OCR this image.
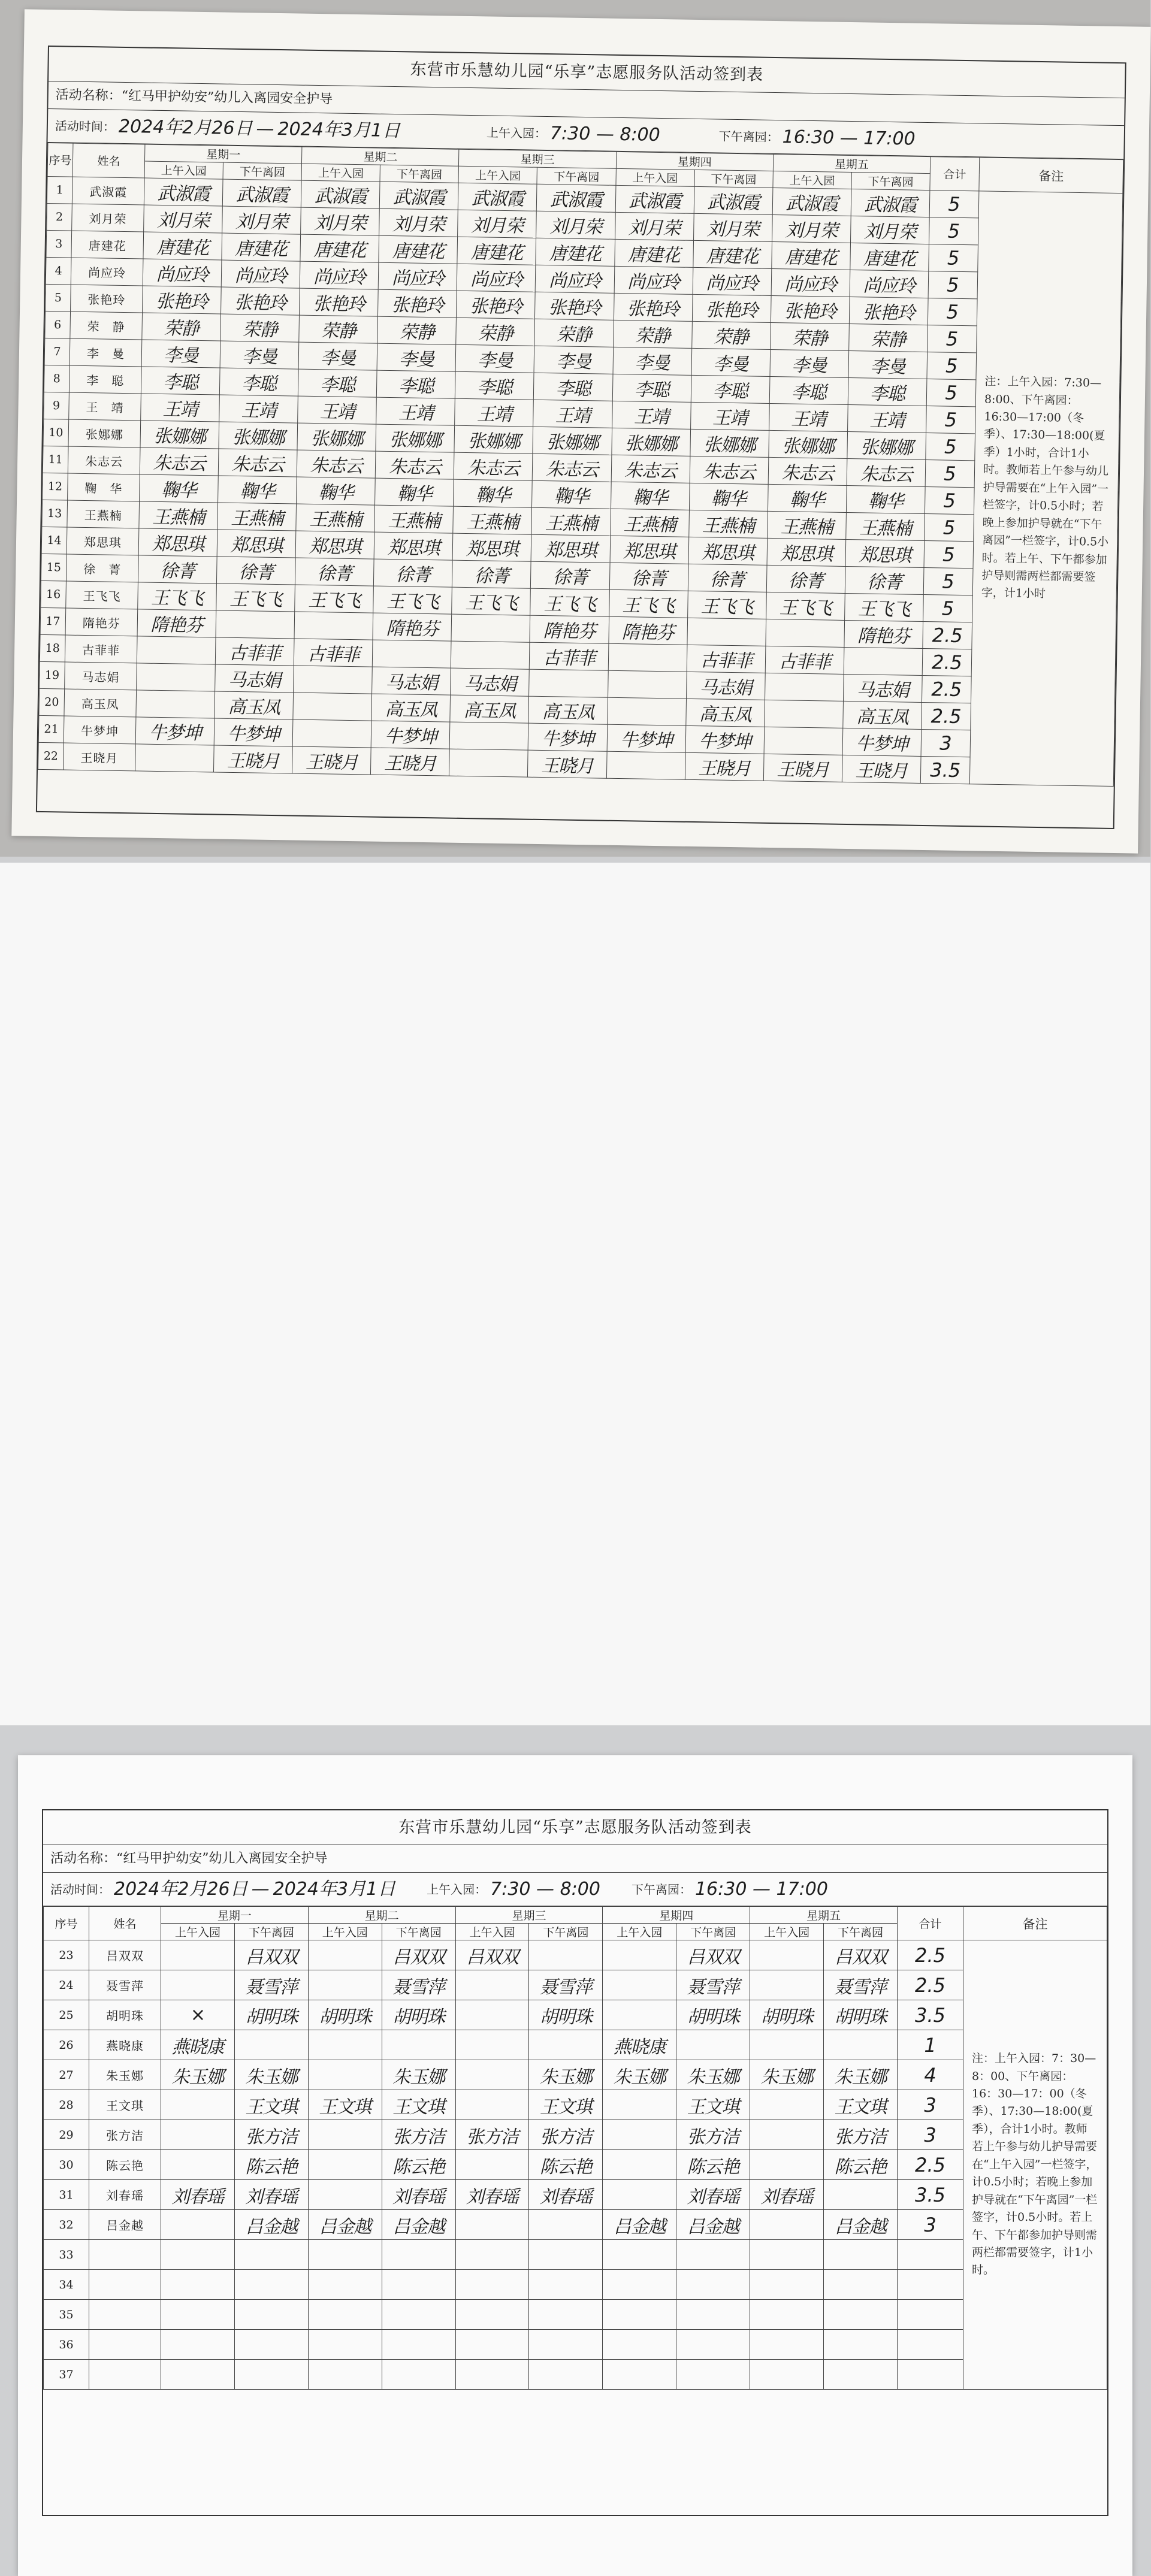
东营市乐慧幼儿园“乐享”志愿服务队活动签到表
活动名称： “红马甲护幼安”幼儿入离园安全护导
活动时间： 2024年2月26日 — 2024年3月1日	上午入园： 7:30 — 8:00	下午离园： 16:30 — 17:00
序号	姓名	星期一		星期二		星期三		星期四		星期五		合计	备注
		上午入园	下午离园	上午入园	下午离园	上午入园	下午离园	上午入园	下午离园	上午入园	下午离园		
1	武淑霞	武淑霞	武淑霞	武淑霞	武淑霞	武淑霞	武淑霞	武淑霞	武淑霞	武淑霞	武淑霞	5	注：上午入园：7:30—8:00、下午离园：16:30—17:00（冬季）、17:30—18:00(夏季）1小时，合计1小时。教师若上午参与幼儿护导需要在“上午入园”一栏签字，计0.5小时；若晚上参加护导就在“下午离园”一栏签字，计0.5小时。若上午、下午都参加护导则需两栏都需要签字，计1小时
2	刘月荣	刘月荣	刘月荣	刘月荣	刘月荣	刘月荣	刘月荣	刘月荣	刘月荣	刘月荣	刘月荣	5	
3	唐建花	唐建花	唐建花	唐建花	唐建花	唐建花	唐建花	唐建花	唐建花	唐建花	唐建花	5	
4	尚应玲	尚应玲	尚应玲	尚应玲	尚应玲	尚应玲	尚应玲	尚应玲	尚应玲	尚应玲	尚应玲	5	
5	张艳玲	张艳玲	张艳玲	张艳玲	张艳玲	张艳玲	张艳玲	张艳玲	张艳玲	张艳玲	张艳玲	5	
6	荣　静	荣静	荣静	荣静	荣静	荣静	荣静	荣静	荣静	荣静	荣静	5	
7	李　曼	李曼	李曼	李曼	李曼	李曼	李曼	李曼	李曼	李曼	李曼	5	
8	李　聪	李聪	李聪	李聪	李聪	李聪	李聪	李聪	李聪	李聪	李聪	5	
9	王　靖	王靖	王靖	王靖	王靖	王靖	王靖	王靖	王靖	王靖	王靖	5	
10	张娜娜	张娜娜	张娜娜	张娜娜	张娜娜	张娜娜	张娜娜	张娜娜	张娜娜	张娜娜	张娜娜	5	
11	朱志云	朱志云	朱志云	朱志云	朱志云	朱志云	朱志云	朱志云	朱志云	朱志云	朱志云	5	
12	鞠　华	鞠华	鞠华	鞠华	鞠华	鞠华	鞠华	鞠华	鞠华	鞠华	鞠华	5	
13	王燕楠	王燕楠	王燕楠	王燕楠	王燕楠	王燕楠	王燕楠	王燕楠	王燕楠	王燕楠	王燕楠	5	
14	郑思琪	郑思琪	郑思琪	郑思琪	郑思琪	郑思琪	郑思琪	郑思琪	郑思琪	郑思琪	郑思琪	5	
15	徐　菁	徐菁	徐菁	徐菁	徐菁	徐菁	徐菁	徐菁	徐菁	徐菁	徐菁	5	
16	王飞飞	王飞飞	王飞飞	王飞飞	王飞飞	王飞飞	王飞飞	王飞飞	王飞飞	王飞飞	王飞飞	5	
17	隋艳芬	隋艳芬			隋艳芬		隋艳芬	隋艳芬			隋艳芬	2.5	
18	古菲菲		古菲菲	古菲菲			古菲菲		古菲菲	古菲菲		2.5	
19	马志娟		马志娟		马志娟	马志娟			马志娟		马志娟	2.5	
20	高玉凤		高玉凤		高玉凤	高玉凤	高玉凤		高玉凤		高玉凤	2.5	
21	牛梦坤	牛梦坤	牛梦坤		牛梦坤		牛梦坤	牛梦坤	牛梦坤		牛梦坤	3	
22	王晓月		王晓月	王晓月	王晓月		王晓月		王晓月	王晓月	王晓月	3.5	
东营市乐慧幼儿园“乐享”志愿服务队活动签到表
活动名称： “红马甲护幼安”幼儿入离园安全护导
活动时间： 2024年2月26日 — 2024年3月1日	上午入园： 7:30 — 8:00	下午离园： 16:30 — 17:00
序号	姓名	星期一		星期二		星期三		星期四		星期五		合计	备注
		上午入园	下午离园	上午入园	下午离园	上午入园	下午离园	上午入园	下午离园	上午入园	下午离园		
23	吕双双		吕双双		吕双双	吕双双			吕双双		吕双双	2.5	注：上午入园：7：30—8：00、下午离园：16：30—17：00（冬季）、17:30—18:00(夏季），合计1小时。教师若上午参与幼儿护导需要在“上午入园”一栏签字，计0.5小时；若晚上参加护导就在“下午离园”一栏签字，计0.5小时。若上午、下午都参加护导则需两栏都需要签字，计1小时。
24	聂雪萍		聂雪萍		聂雪萍		聂雪萍		聂雪萍		聂雪萍	2.5	
25	胡明珠	×	胡明珠	胡明珠	胡明珠		胡明珠		胡明珠	胡明珠	胡明珠	3.5	
26	燕晓康	燕晓康						燕晓康				1	
27	朱玉娜	朱玉娜	朱玉娜		朱玉娜		朱玉娜	朱玉娜	朱玉娜	朱玉娜	朱玉娜	4	
28	王文琪		王文琪	王文琪	王文琪		王文琪		王文琪		王文琪	3	
29	张方洁		张方洁		张方洁	张方洁	张方洁		张方洁		张方洁	3	
30	陈云艳		陈云艳		陈云艳		陈云艳		陈云艳		陈云艳	2.5	
31	刘春瑶	刘春瑶	刘春瑶		刘春瑶	刘春瑶	刘春瑶		刘春瑶	刘春瑶		3.5	
32	吕金越		吕金越	吕金越	吕金越			吕金越	吕金越		吕金越	3	
33													
34													
35													
36													
37													
